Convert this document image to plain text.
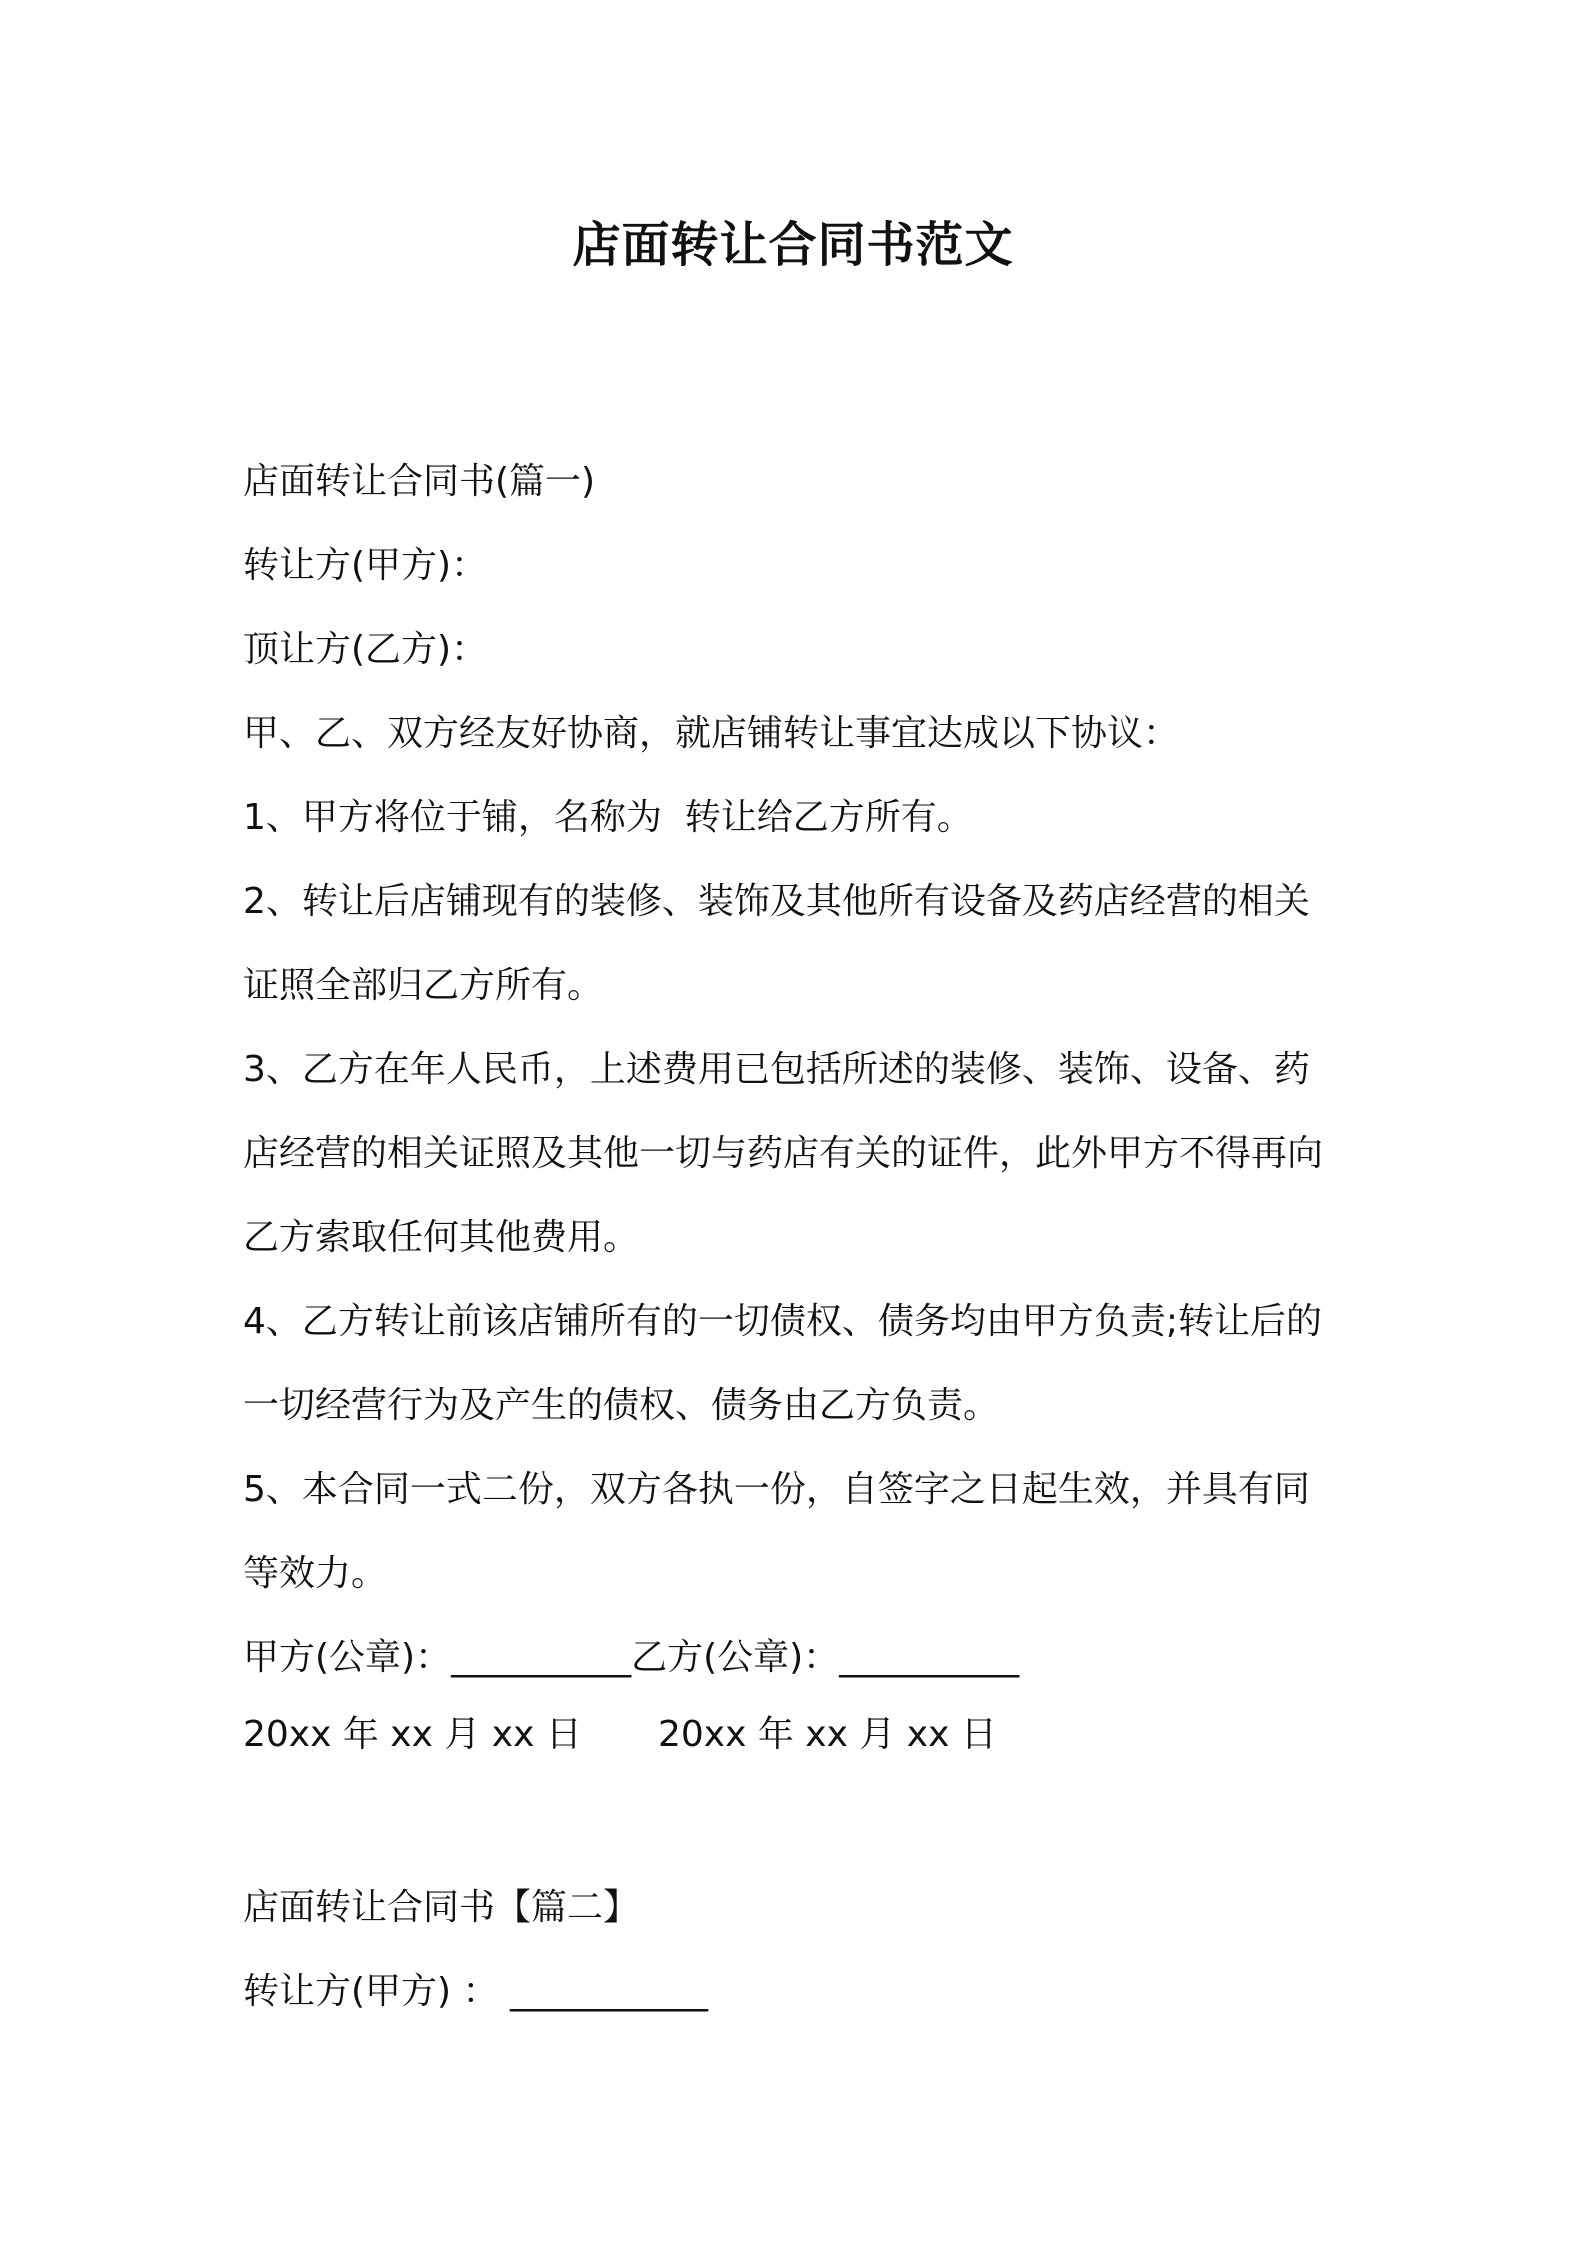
店面转让合同书范文

店面转让合同书(篇一)

转让方(甲方)：

顶让方(乙方)：

甲、乙、双方经友好协商，就店铺转让事宜达成以下协议：

1、甲方将位于铺，名称为  转让给乙方所有。

2、转让后店铺现有的装修、装饰及其他所有设备及药店经营的相关

证照全部归乙方所有。

3、乙方在年人民币，上述费用已包括所述的装修、装饰、设备、药

店经营的相关证照及其他一切与药店有关的证件，此外甲方不得再向

乙方索取任何其他费用。

4、乙方转让前该店铺所有的一切债权、债务均由甲方负责;转让后的

一切经营行为及产生的债权、债务由乙方负责。

5、本合同一式二份，双方各执一份，自签字之日起生效，并具有同

等效力。

甲方(公章)：__________乙方(公章)：__________
20xx 年 xx 月 xx 日	20xx 年 xx 月 xx 日

店面转让合同书【篇二】

转让方(甲方) ： ___________
